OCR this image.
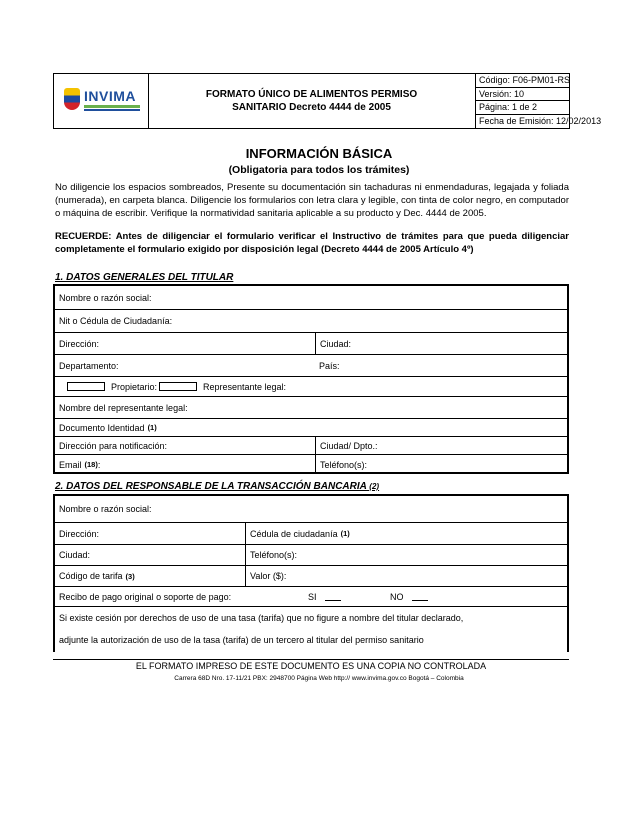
INVIMA	FORMATO ÚNICO DE ALIMENTOS PERMISO
SANITARIO Decreto 4444 de 2005
Código: F06-PM01-RS
Versión: 10
Página: 1 de 2
Fecha de Emisión: 12/02/2013
INFORMACIÓN BÁSICA
(Obligatoria para todos los trámites)
No diligencie los espacios sombreados, Presente su documentación sin tachaduras ni enmendaduras, legajada y foliada (numerada), en carpeta blanca. Diligencie los formularios con letra clara y legible, con tinta de color negro, en computador o máquina de escribir. Verifique la normatividad sanitaria aplicable a su producto y Dec. 4444 de 2005.
RECUERDE: Antes de diligenciar el formulario verificar el Instructivo de trámites para que pueda diligenciar completamente el formulario exigido por disposición legal (Decreto 4444 de 2005 Artículo 4º)
1. DATOS GENERALES DEL TITULAR
Nombre o razón social:
Nit o Cédula de Ciudadanía:
Dirección:	Ciudad:
Departamento:	País:
Propietario:	Representante legal:
Nombre del representante legal:
Documento Identidad (1)
Dirección para notificación:	Ciudad/ Dpto.:
Email (18) :	Teléfono(s):
2. DATOS DEL RESPONSABLE DE LA TRANSACCIÓN BANCARIA (2)
Nombre o razón social:
Dirección:	Cédula de ciudadanía (1)
Ciudad:	Teléfono(s):
Código de tarifa (3)	Valor ($):
Recibo de pago original o soporte de pago:	SI	NO
Si existe cesión por derechos de uso de una tasa (tarifa) que no figure a nombre del titular declarado,
adjunte la autorización de uso de la tasa (tarifa) de un tercero al titular del permiso sanitario
EL FORMATO IMPRESO DE ESTE DOCUMENTO ES UNA COPIA NO CONTROLADA
Carrera 68D Nro. 17-11/21 PBX: 2948700 Página Web http:// www.invima.gov.co Bogotá – Colombia
